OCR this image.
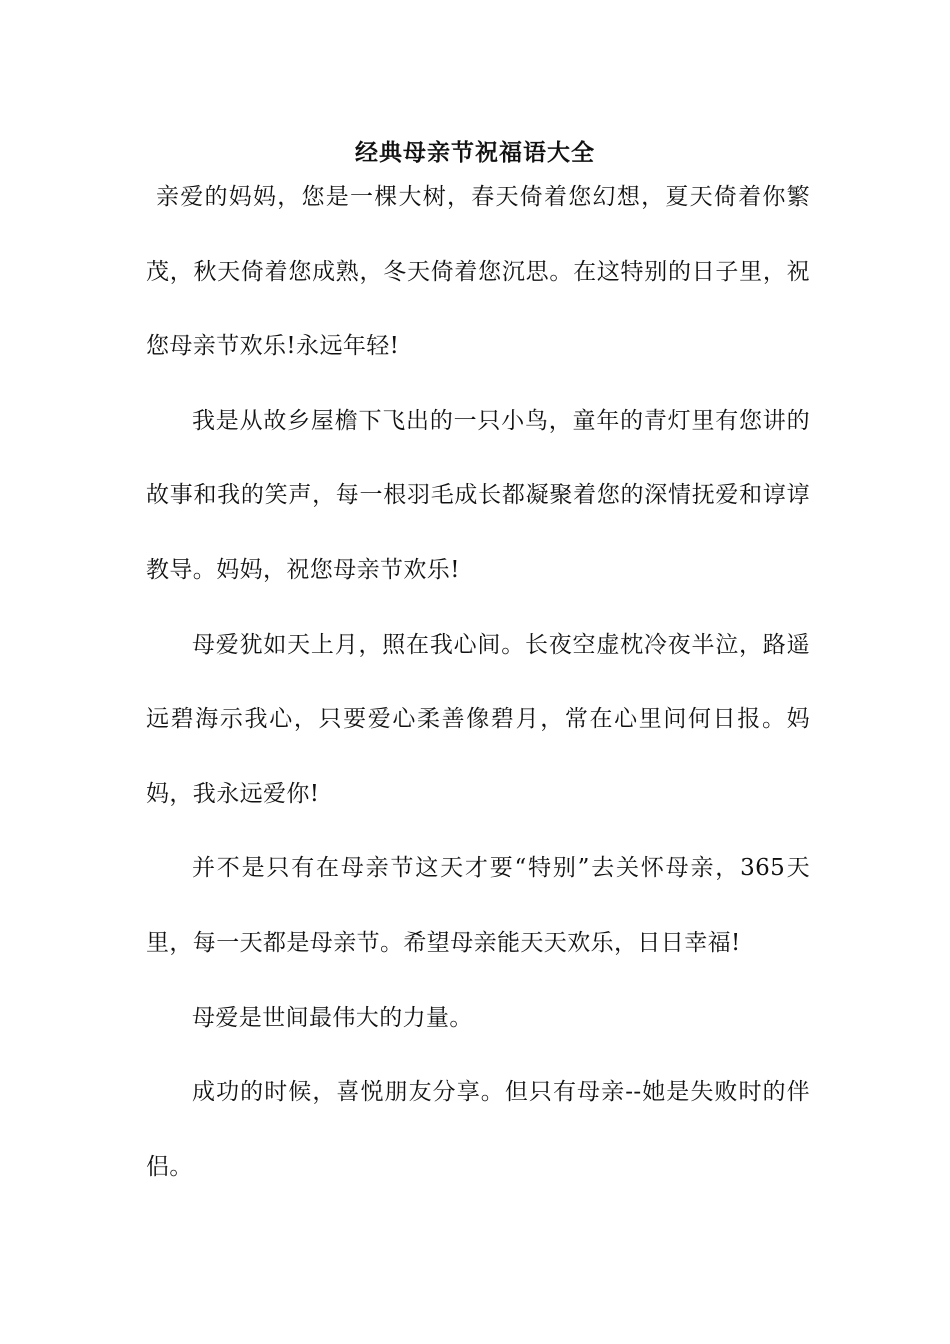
经典母亲节祝福语大全

亲爱的妈妈，您是一棵大树，春天倚着您幻想，夏天倚着你繁茂，秋天倚着您成熟，冬天倚着您沉思。在这特别的日子里，祝您母亲节欢乐!永远年轻!

我是从故乡屋檐下飞出的一只小鸟，童年的青灯里有您讲的故事和我的笑声，每一根羽毛成长都凝聚着您的深情抚爱和谆谆教导。妈妈，祝您母亲节欢乐!

母爱犹如天上月，照在我心间。长夜空虚枕冷夜半泣，路遥远碧海示我心，只要爱心柔善像碧月，常在心里问何日报。妈妈，我永远爱你!

并不是只有在母亲节这天才要“特别”去关怀母亲，365天里，每一天都是母亲节。希望母亲能天天欢乐，日日幸福!

母爱是世间最伟大的力量。

成功的时候，喜悦朋友分享。但只有母亲--她是失败时的伴侣。
